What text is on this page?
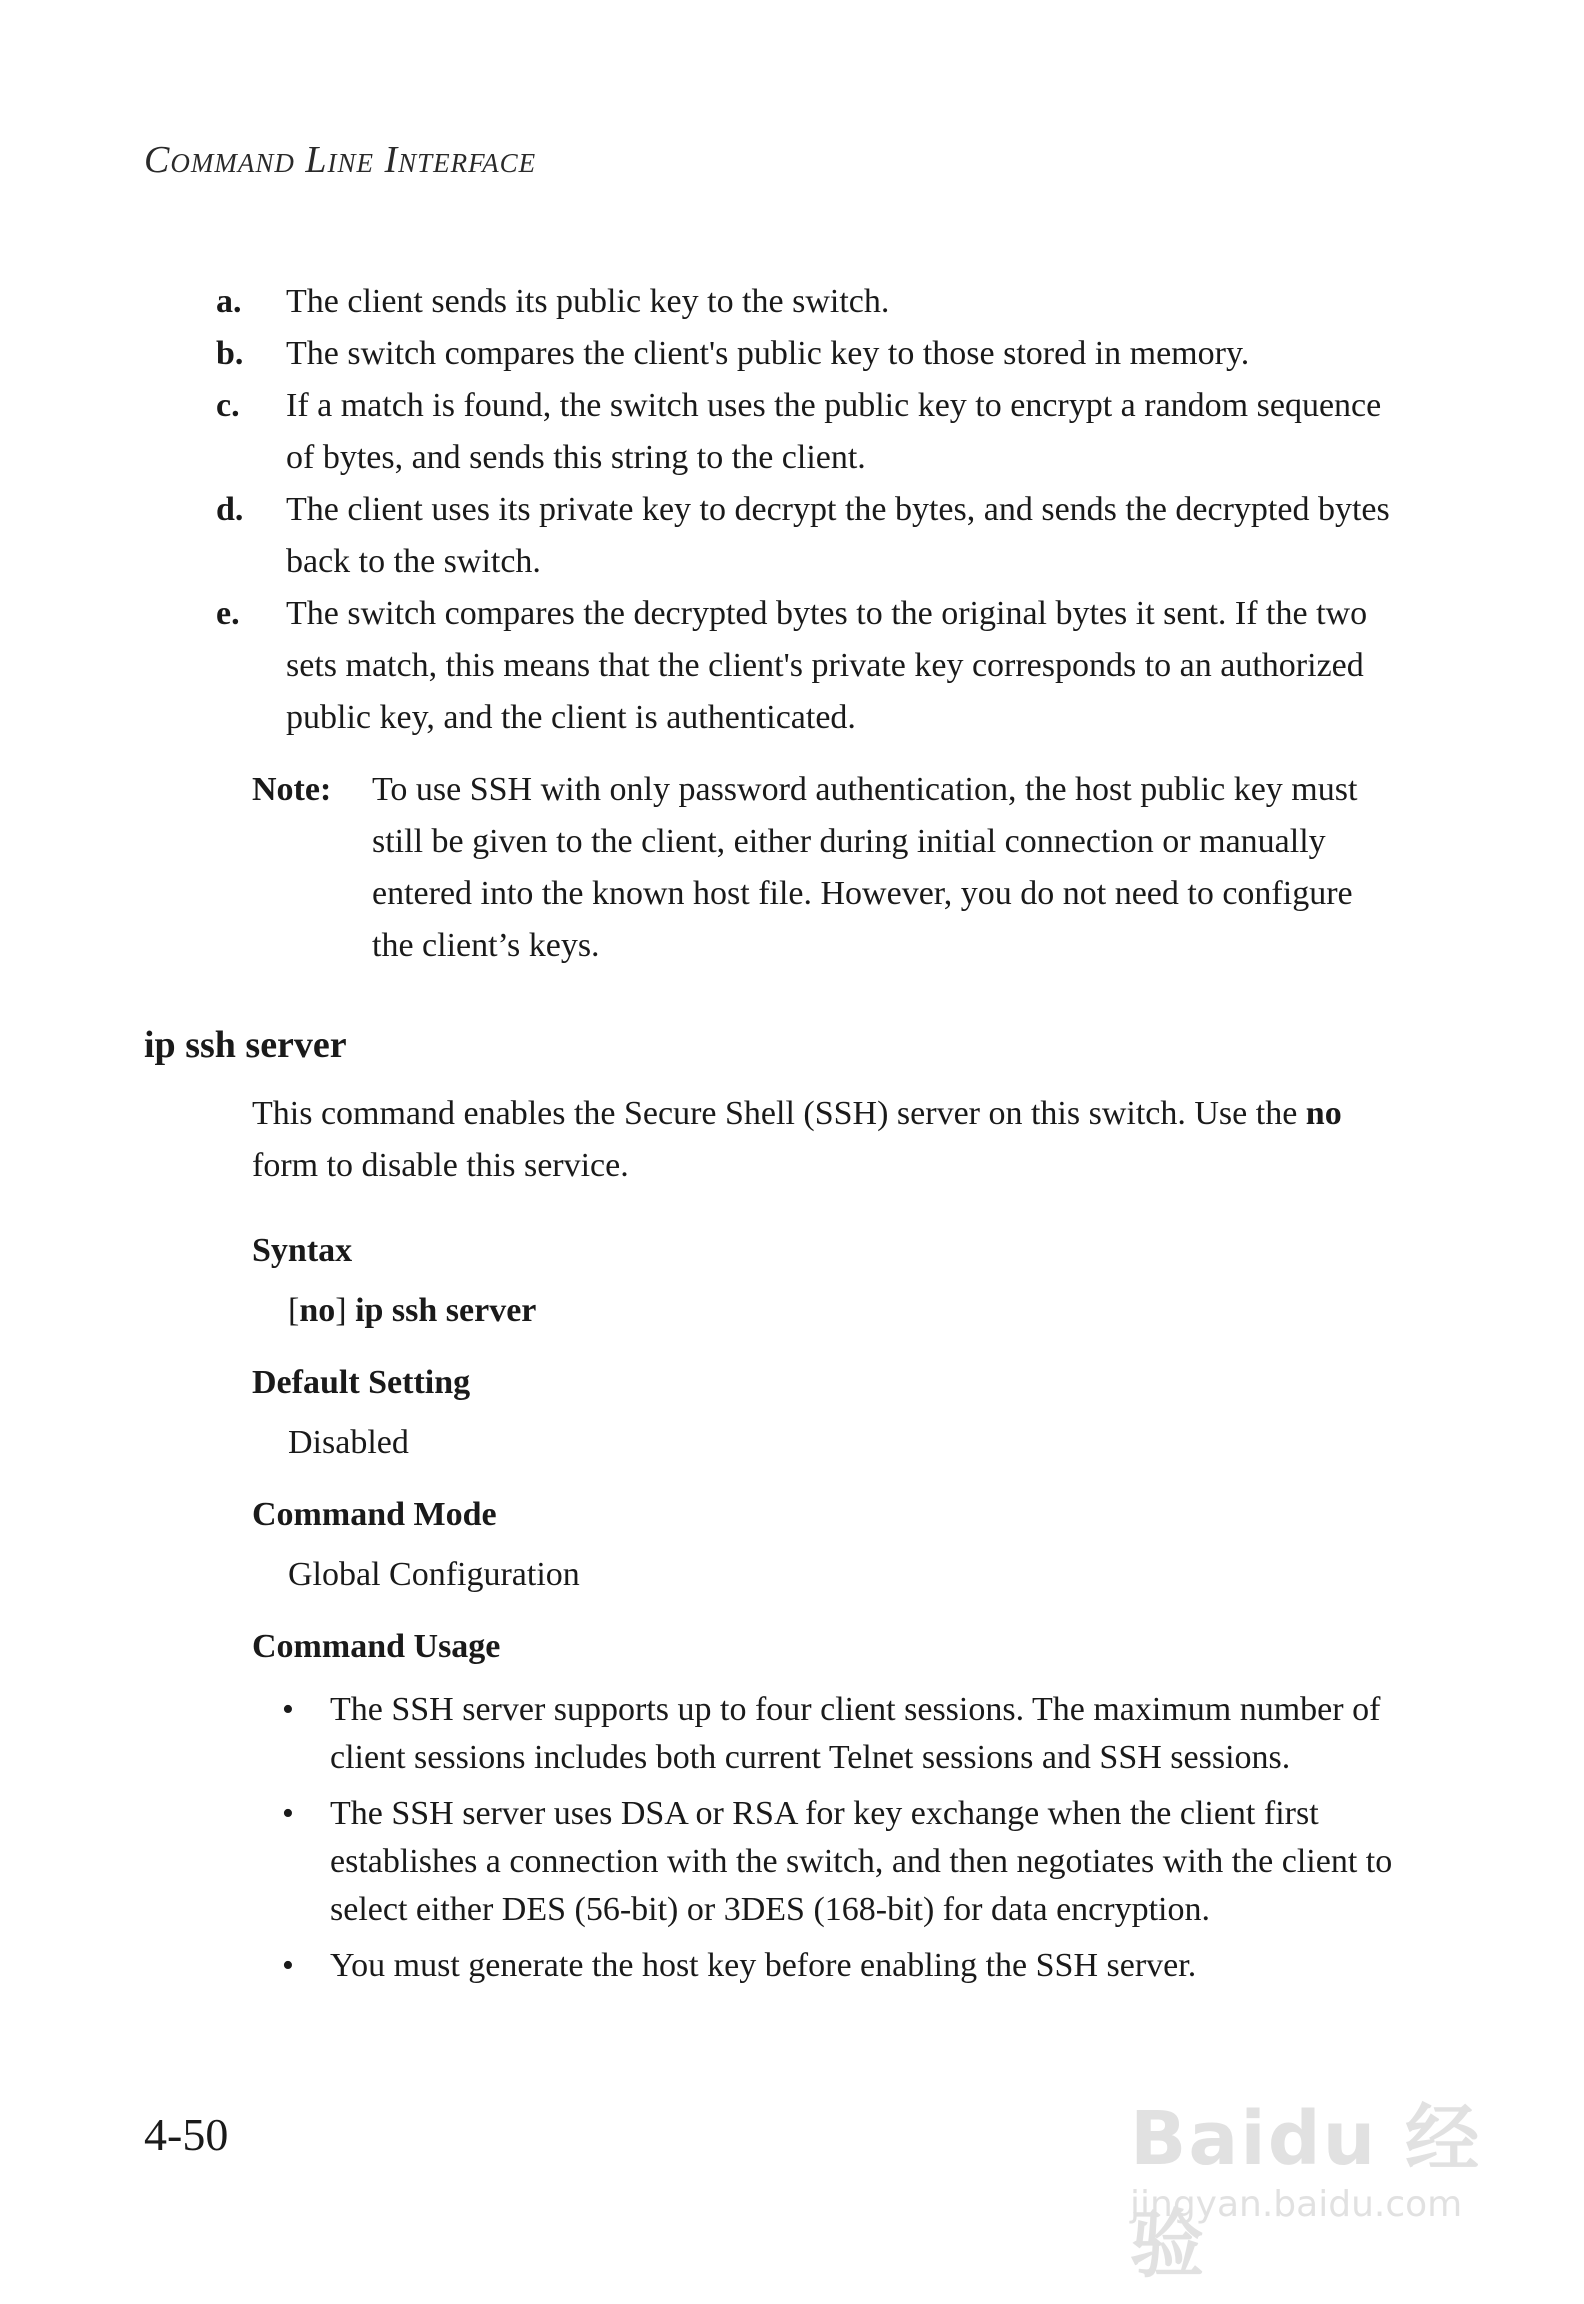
Command Line Interface
a.	The client sends its public key to the switch.
b.	The switch compares the client's public key to those stored in memory.
c.	If a match is found, the switch uses the public key to encrypt a random sequence of bytes, and sends this string to the client.
d.	The client uses its private key to decrypt the bytes, and sends the decrypted bytes back to the switch.
e.	The switch compares the decrypted bytes to the original bytes it sent. If the two sets match, this means that the client's private key corresponds to an authorized public key, and the client is authenticated.
Note:	To use SSH with only password authentication, the host public key must still be given to the client, either during initial connection or manually entered into the known host file. However, you do not need to configure the client’s keys.
ip ssh server
This command enables the Secure Shell (SSH) server on this switch. Use the no form to disable this service.
Syntax
[no] ip ssh server
Default Setting
Disabled
Command Mode
Global Configuration
Command Usage
•	The SSH server supports up to four client sessions. The maximum number of client sessions includes both current Telnet sessions and SSH sessions.
•	The SSH server uses DSA or RSA for key exchange when the client first establishes a connection with the switch, and then negotiates with the client to select either DES (56-bit) or 3DES (168-bit) for data encryption.
•	You must generate the host key before enabling the SSH server.
4-50	Baidu 经验
jingyan.baidu.com
